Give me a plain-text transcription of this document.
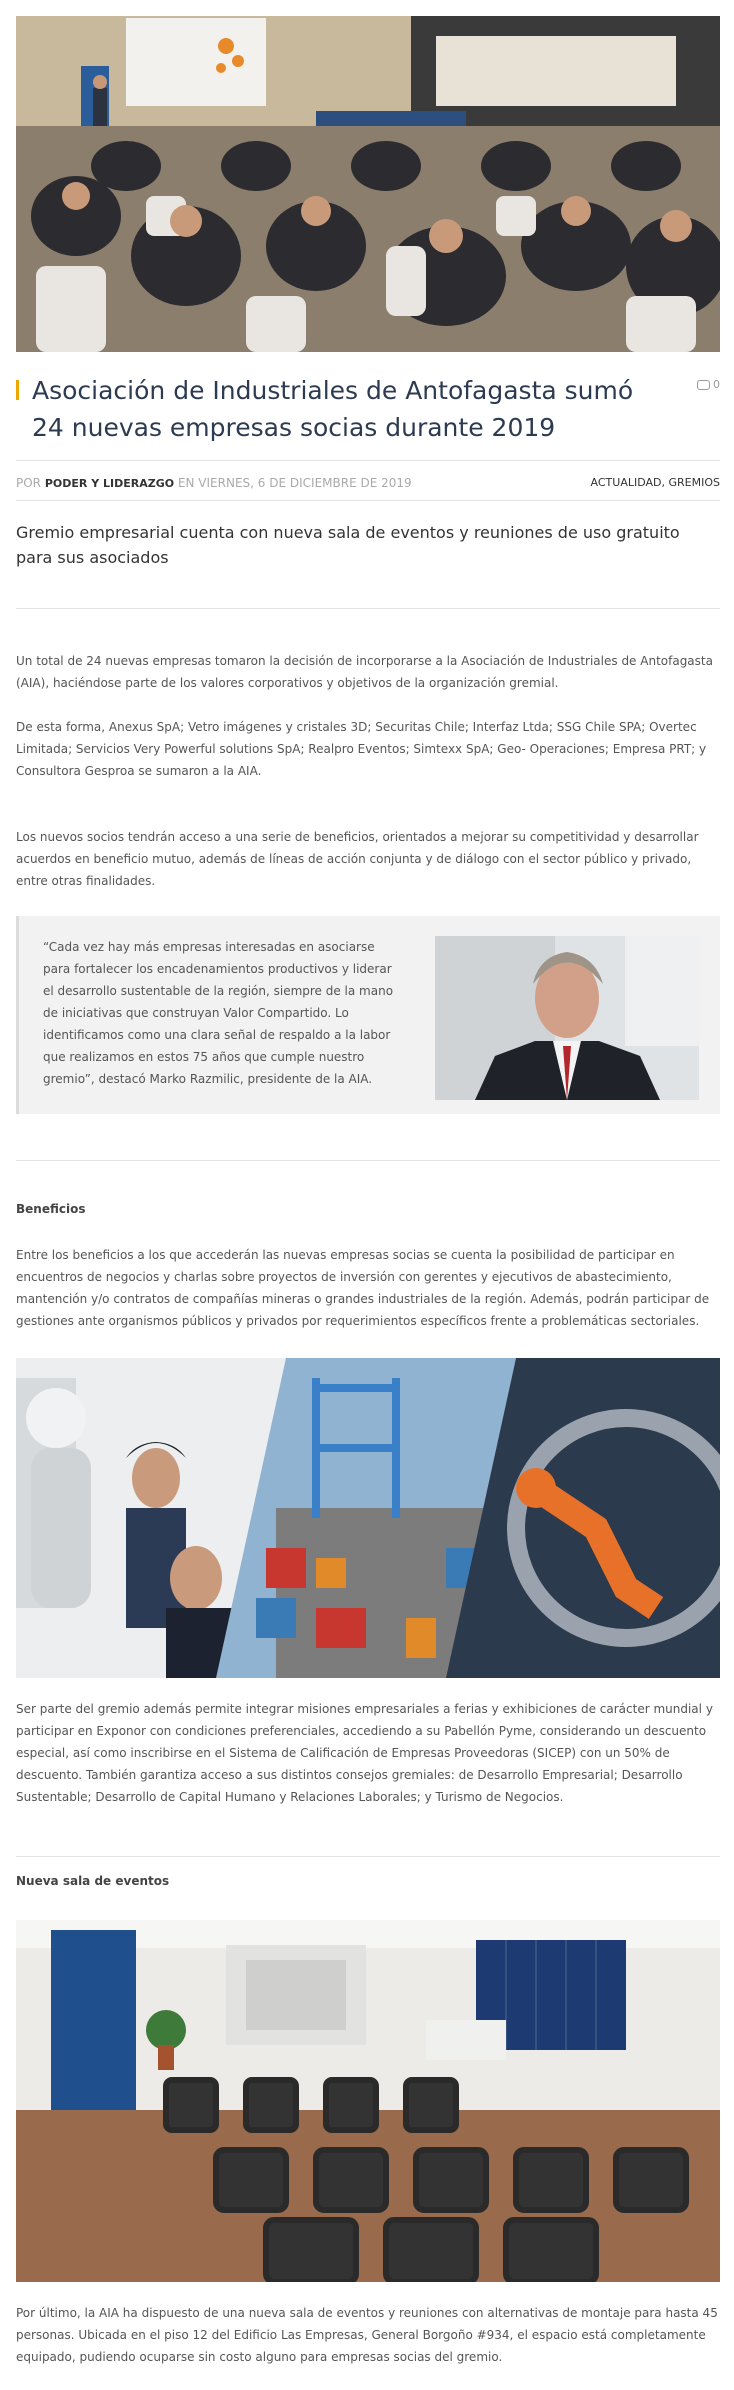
Asociación de Industriales de Antofagasta sumó 24 nuevas empresas socias durante 2019
0
POR PODER Y LIDERAZGO EN VIERNES, 6 DE DICIEMBRE DE 2019	ACTUALIDAD, GREMIOS

Gremio empresarial cuenta con nueva sala de eventos y reuniones de uso gratuito para sus asociados

Un total de 24 nuevas empresas tomaron la decisión de incorporarse a la Asociación de Industriales de Antofagasta (AIA), haciéndose parte de los valores corporativos y objetivos de la organización gremial.

De esta forma, Anexus SpA; Vetro imágenes y cristales 3D; Securitas Chile; Interfaz Ltda; SSG Chile SPA; Overtec Limitada; Servicios Very Powerful solutions SpA; Realpro Eventos; Simtexx SpA; Geo- Operaciones; Empresa PRT; y Consultora Gesproa se sumaron a la AIA.

Los nuevos socios tendrán acceso a una serie de beneficios, orientados a mejorar su competitividad y desarrollar acuerdos en beneficio mutuo, además de líneas de acción conjunta y de diálogo con el sector público y privado, entre otras finalidades.

“Cada vez hay más empresas interesadas en asociarse para fortalecer los encadenamientos productivos y liderar el desarrollo sustentable de la región, siempre de la mano de iniciativas que construyan Valor Compartido. Lo identificamos como una clara señal de respaldo a la labor que realizamos en estos 75 años que cumple nuestro gremio”, destacó Marko Razmilic, presidente de la AIA.

Beneficios

Entre los beneficios a los que accederán las nuevas empresas socias se cuenta la posibilidad de participar en encuentros de negocios y charlas sobre proyectos de inversión con gerentes y ejecutivos de abastecimiento, mantención y/o contratos de compañías mineras o grandes industriales de la región. Además, podrán participar de gestiones ante organismos públicos y privados por requerimientos específicos frente a problemáticas sectoriales.

Ser parte del gremio además permite integrar misiones empresariales a ferias y exhibiciones de carácter mundial y participar en Exponor con condiciones preferenciales, accediendo a su Pabellón Pyme, considerando un descuento especial, así como inscribirse en el Sistema de Calificación de Empresas Proveedoras (SICEP) con un 50% de descuento. También garantiza acceso a sus distintos consejos gremiales: de Desarrollo Empresarial; Desarrollo Sustentable; Desarrollo de Capital Humano y Relaciones Laborales; y Turismo de Negocios.

Nueva sala de eventos

Por último, la AIA ha dispuesto de una nueva sala de eventos y reuniones con alternativas de montaje para hasta 45 personas. Ubicada en el piso 12 del Edificio Las Empresas, General Borgoño #934, el espacio está completamente equipado, pudiendo ocuparse sin costo alguno para empresas socias del gremio.
